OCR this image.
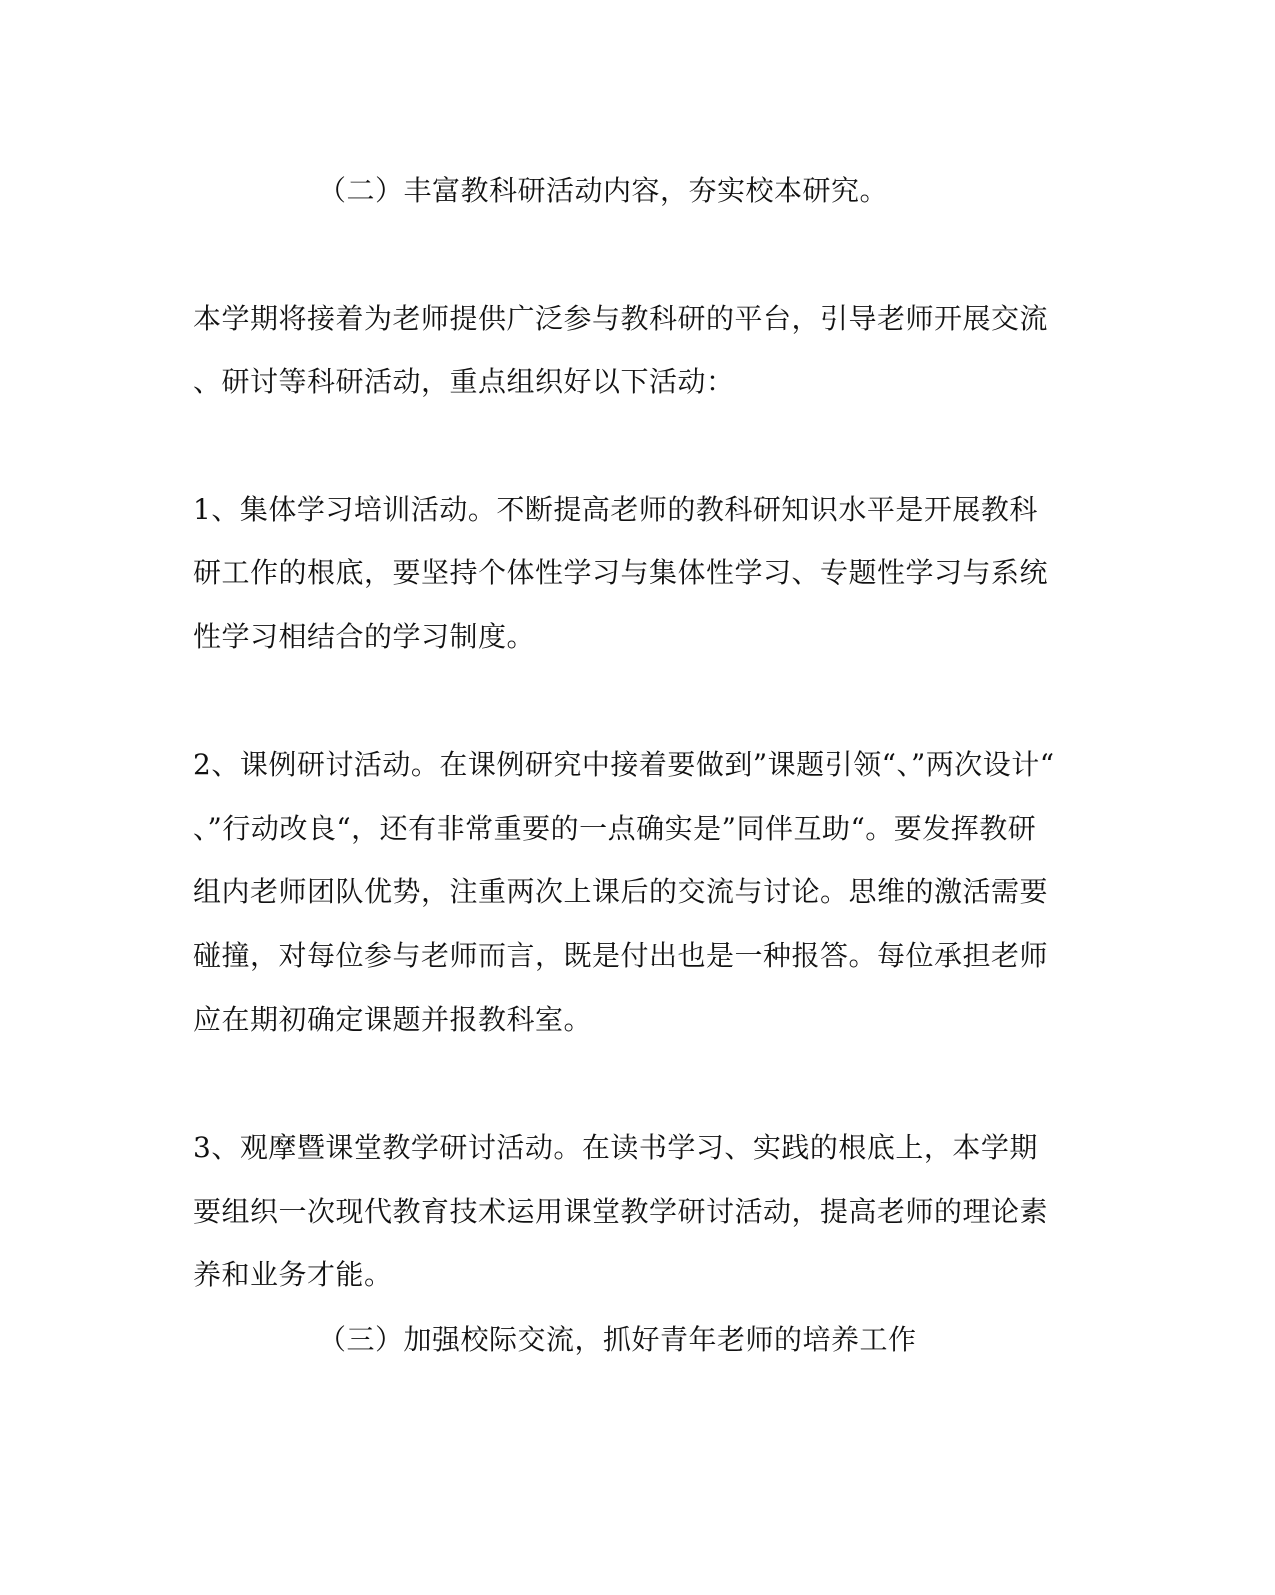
（二）丰富教科研活动内容，夯实校本研究。
本学期将接着为老师提供广泛参与教科研的平台，引导老师开展交流
、研讨等科研活动，重点组织好以下活动：
1、集体学习培训活动。不断提高老师的教科研知识水平是开展教科
研工作的根底，要坚持个体性学习与集体性学习、专题性学习与系统
性学习相结合的学习制度。
2、课例研讨活动。在课例研究中接着要做到”课题引领“、”两次设计“
、”行动改良“，还有非常重要的一点确实是”同伴互助“。要发挥教研
组内老师团队优势，注重两次上课后的交流与讨论。思维的激活需要
碰撞，对每位参与老师而言，既是付出也是一种报答。每位承担老师
应在期初确定课题并报教科室。
3、观摩暨课堂教学研讨活动。在读书学习、实践的根底上，本学期
要组织一次现代教育技术运用课堂教学研讨活动，提高老师的理论素
养和业务才能。
（三）加强校际交流，抓好青年老师的培养工作
